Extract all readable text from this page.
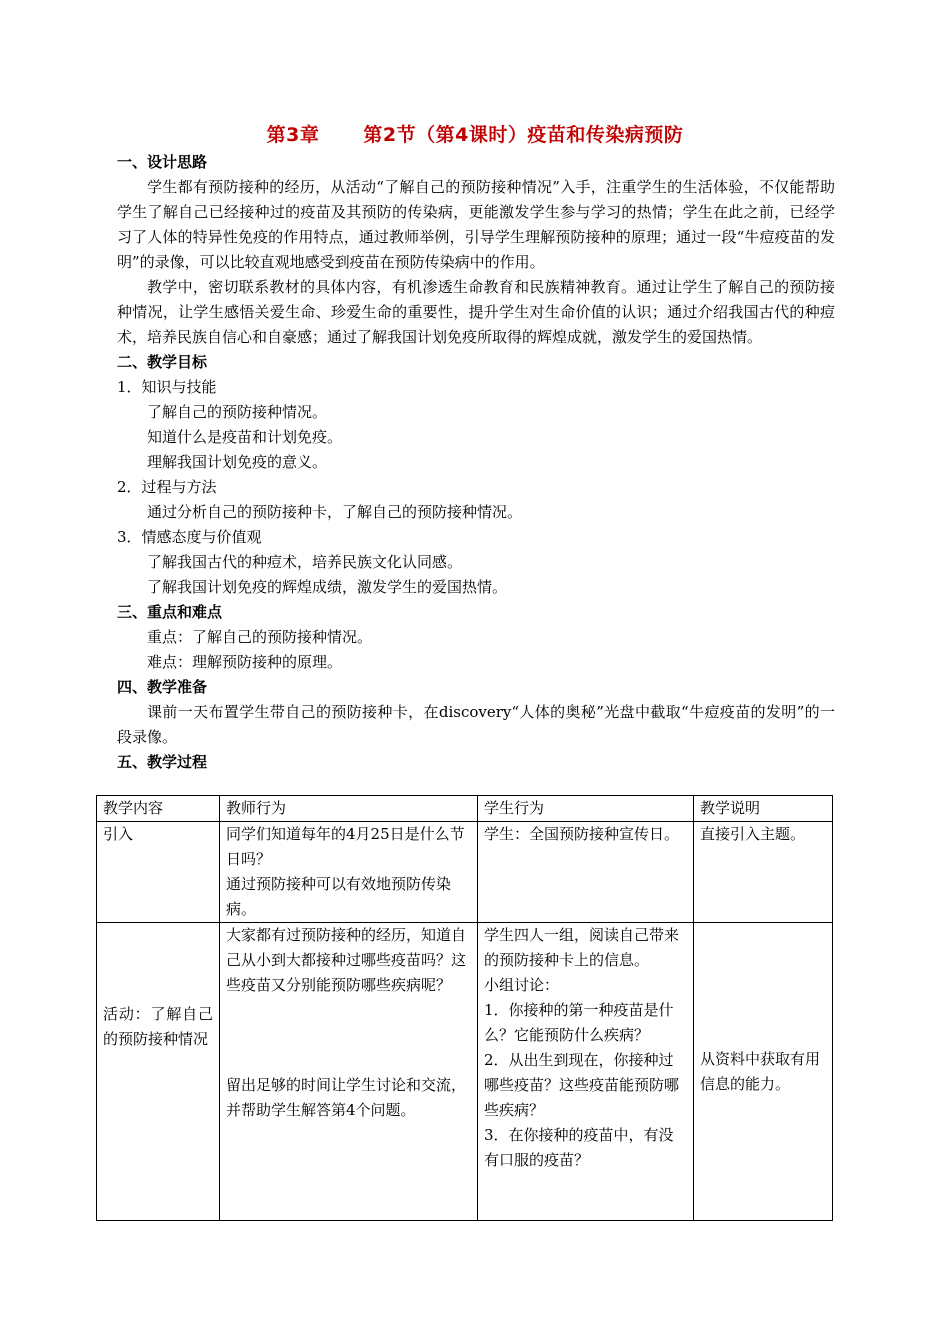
第3章 第2节（第4课时）疫苗和传染病预防
一、设计思路
学生都有预防接种的经历，从活动“了解自己的预防接种情况”入手，注重学生的生活体验，不仅能帮助学生了解自己已经接种过的疫苗及其预防的传染病，更能激发学生参与学习的热情；学生在此之前，已经学习了人体的特异性免疫的作用特点，通过教师举例，引导学生理解预防接种的原理；通过一段“牛痘疫苗的发明”的录像，可以比较直观地感受到疫苗在预防传染病中的作用。
教学中，密切联系教材的具体内容，有机渗透生命教育和民族精神教育。通过让学生了解自己的预防接种情况，让学生感悟关爱生命、珍爱生命的重要性，提升学生对生命价值的认识；通过介绍我国古代的种痘术，培养民族自信心和自豪感；通过了解我国计划免疫所取得的辉煌成就，激发学生的爱国热情。
二、教学目标
1．知识与技能
了解自己的预防接种情况。
知道什么是疫苗和计划免疫。
理解我国计划免疫的意义。
2．过程与方法
通过分析自己的预防接种卡，了解自己的预防接种情况。
3．情感态度与价值观
了解我国古代的种痘术，培养民族文化认同感。
了解我国计划免疫的辉煌成绩，激发学生的爱国热情。
三、重点和难点
重点：了解自己的预防接种情况。
难点：理解预防接种的原理。
四、教学准备
课前一天布置学生带自己的预防接种卡，在discovery“人体的奥秘”光盘中截取“牛痘疫苗的发明”的一段录像。
五、教学过程
教学内容	教师行为	学生行为	教学说明
引入	同学们知道每年的4月25日是什么节日吗？
通过预防接种可以有效地预防传染病。	学生：全国预防接种宣传日。	直接引入主题。

活动：了解自己的预防接种情况	大家都有过预防接种的经历，知道自己从小到大都接种过哪些疫苗吗？这些疫苗又分别能预防哪些疾病呢？
留出足够的时间让学生讨论和交流，并帮助学生解答第4个问题。	学生四人一组，阅读自己带来的预防接种卡上的信息。
小组讨论：
1．你接种的第一种疫苗是什么？它能预防什么疾病？
2．从出生到现在，你接种过哪些疫苗？这些疫苗能预防哪些疾病？
3．在你接种的疫苗中，有没有口服的疫苗？	从资料中获取有用信息的能力。
